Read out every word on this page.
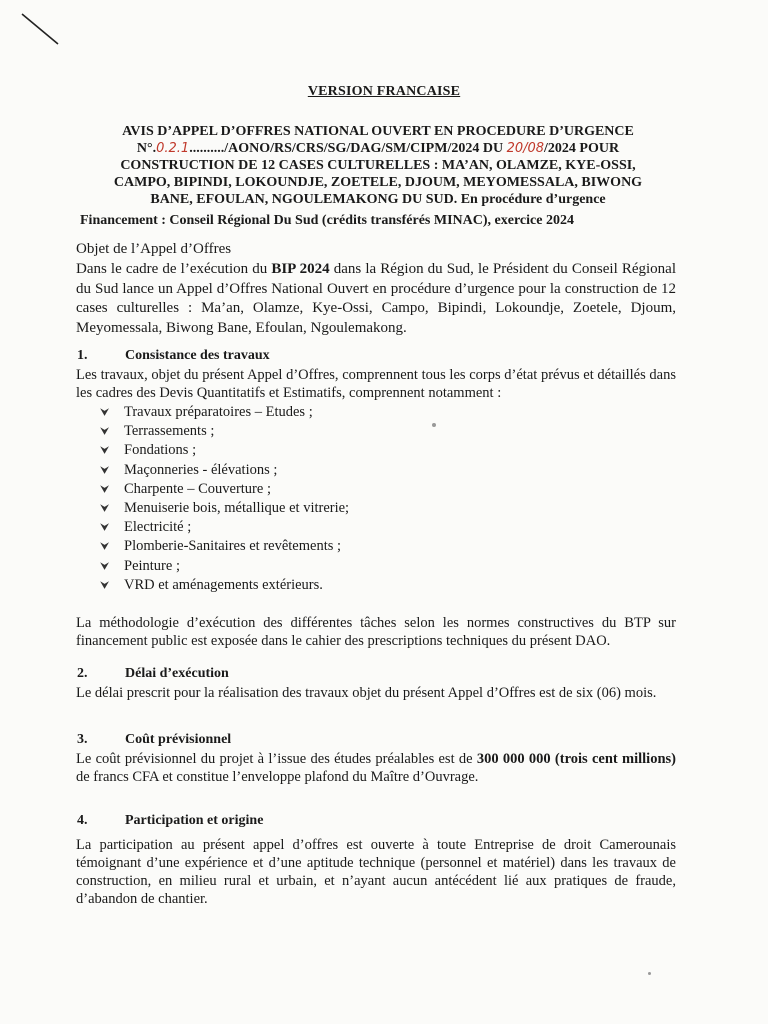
VERSION FRANCAISE
AVIS D’APPEL D’OFFRES NATIONAL OUVERT EN PROCEDURE D’URGENCE
N°.0.2.1........../AONO/RS/CRS/SG/DAG/SM/CIPM/2024 DU 20/08/2024 POUR
CONSTRUCTION DE 12 CASES CULTURELLES : MA’AN, OLAMZE, KYE-OSSI,
CAMPO, BIPINDI, LOKOUNDJE, ZOETELE, DJOUM, MEYOMESSALA, BIWONG
BANE, EFOULAN, NGOULEMAKONG DU SUD. En procédure d’urgence
Financement : Conseil Régional Du Sud (crédits transférés MINAC), exercice 2024
Objet de l’Appel d’Offres
Dans le cadre de l’exécution du BIP 2024 dans la Région du Sud, le Président du Conseil Régional du Sud lance un Appel d’Offres National Ouvert en procédure d’urgence pour la construction de 12 cases culturelles : Ma’an, Olamze, Kye-Ossi, Campo, Bipindi, Lokoundje, Zoetele, Djoum, Meyomessala, Biwong Bane, Efoulan, Ngoulemakong.
1.	Consistance des travaux
Les travaux, objet du présent Appel d’Offres, comprennent tous les corps d’état prévus et détaillés dans les cadres des Devis Quantitatifs et Estimatifs, comprennent notamment :
⮟ Travaux préparatoires – Etudes ;
⮟ Terrassements ;
⮟ Fondations ;
⮟ Maçonneries - élévations ;
⮟ Charpente – Couverture ;
⮟ Menuiserie bois, métallique et vitrerie;
⮟ Electricité ;
⮟ Plomberie-Sanitaires et revêtements ;
⮟ Peinture ;
⮟ VRD et aménagements extérieurs.
La méthodologie d’exécution des différentes tâches selon les normes constructives du BTP sur financement public est exposée dans le cahier des prescriptions techniques du présent DAO.
2.	Délai d’exécution
Le délai prescrit pour la réalisation des travaux objet du présent Appel d’Offres est de six (06) mois.
3.	Coût prévisionnel
Le coût prévisionnel du projet à l’issue des études préalables est de 300 000 000 (trois cent millions) de francs CFA et constitue l’enveloppe plafond du Maître d’Ouvrage.
4.	Participation et origine
La participation au présent appel d’offres est ouverte à toute Entreprise de droit Camerounais témoignant d’une expérience et d’une aptitude technique (personnel et matériel) dans les travaux de construction, en milieu rural et urbain, et n’ayant aucun antécédent lié aux pratiques de fraude, d’abandon de chantier.
